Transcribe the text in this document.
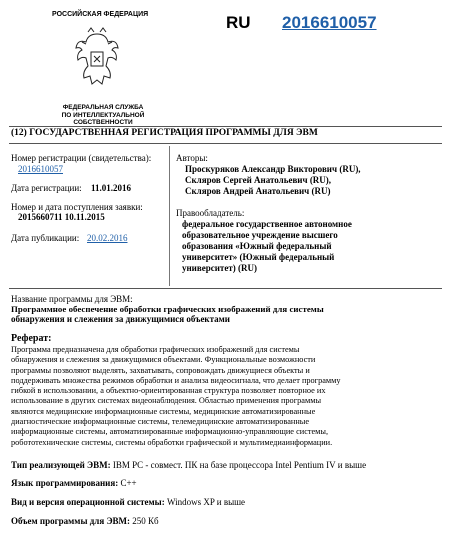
РОССИЙСКАЯ ФЕДЕРАЦИЯ	RU 2016610057
ФЕДЕРАЛЬНАЯ СЛУЖБА
ПО ИНТЕЛЛЕКТУАЛЬНОЙ СОБСТВЕННОСТИ
(12) ГОСУДАРСТВЕННАЯ РЕГИСТРАЦИЯ ПРОГРАММЫ ДЛЯ ЭВМ
Номер регистрации (свидетельства):
2016610057
Дата регистрации: 11.01.2016
Номер и дата поступления заявки:
2015660711 10.11.2015
Дата публикации: 20.02.2016
Авторы:
Проскуряков Александр Викторович (RU),
Скляров Сергей Анатольевич (RU),
Скляров Андрей Анатольевич (RU)
Правообладатель:
федеральное государственное автономное
образовательное учреждение высшего
образования «Южный федеральный
университет» (Южный федеральный
университет) (RU)
Название программы для ЭВМ:
Программное обеспечение обработки графических изображений для системы
обнаружения и слежения за движущимися объектами
Реферат:
Программа предназначена для обработки графических изображений для системы
обнаружения и слежения за движущимися объектами. Функциональные возможности
программы позволяют выделять, захватывать, сопровождать движущиеся объекты и
поддерживать множества режимов обработки и анализа видеосигнала, что делает программу
гибкой в использовании, а объектно-ориентированная структура позволяет повторное их
использование в других системах видеонаблюдения. Областью применения программы
являются медицинские информационные системы, медицинские автоматизированные
диагностические информационные системы, телемедицинские автоматизированные
информационные системы, автоматизированные информационно-управляющие системы,
робототехнические системы, системы обработки графической и мультимедиаинформации.
Тип реализующей ЭВМ: IBM PC - совмест. ПК на базе процессора Intel Pentium IV и выше
Язык программирования: C++
Вид и версия операционной системы: Windows XP и выше
Объем программы для ЭВМ: 250 Кб
